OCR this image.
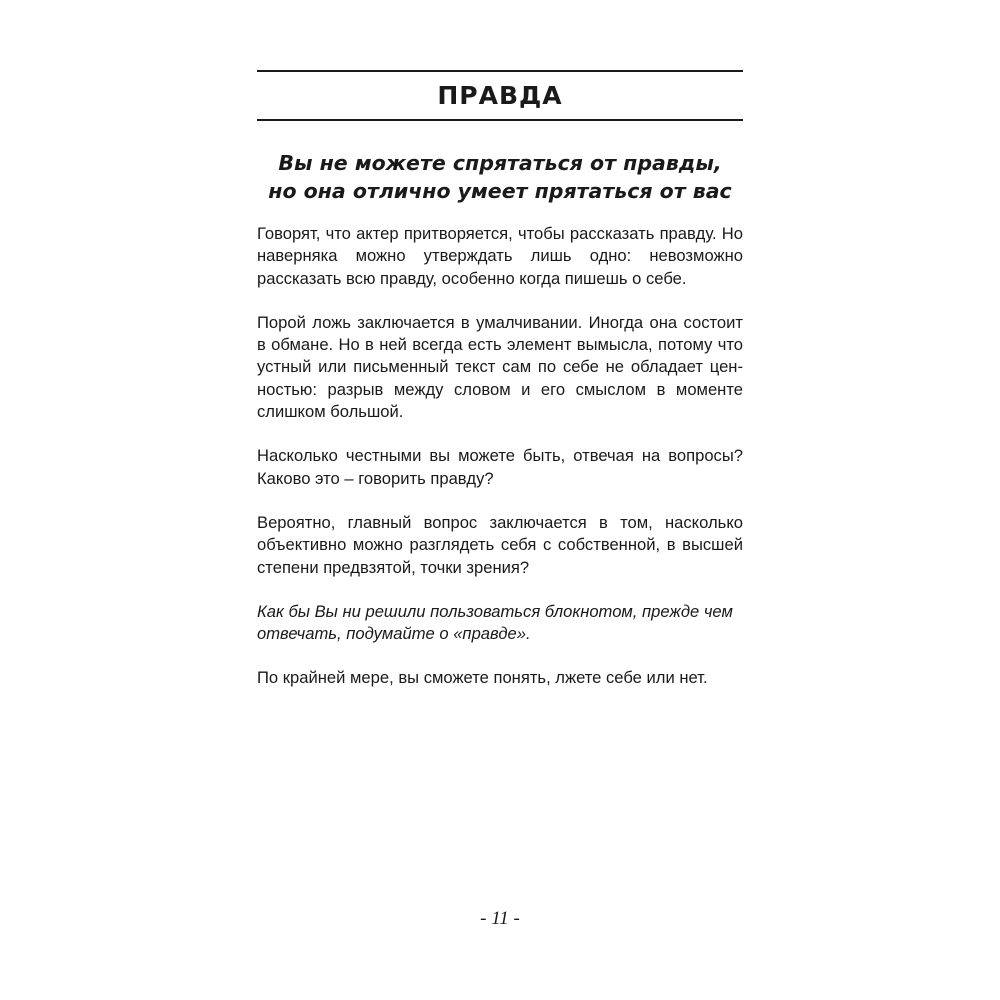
ПРАВДА
Вы не можете спрятаться от правды,
но она отлично умеет прятаться от вас

Говорят, что актер притворяется, чтобы рассказать правду. Но наверняка можно утверждать лишь одно: невозможно рассказать всю правду, особенно когда пишешь о себе.

Порой ложь заключается в умалчивании. Иногда она состоит в обмане. Но в ней всегда есть элемент вымысла, потому что устный или письменный текст сам по себе не обладает ценностью: разрыв между словом и его смыслом в моменте слишком большой.

Насколько честными вы можете быть, отвечая на вопросы? Каково это – говорить правду?

Вероятно, главный вопрос заключается в том, насколько объективно можно разглядеть себя с собственной, в высшей степени предвзятой, точки зрения?

Как бы Вы ни решили пользоваться блокнотом, прежде чем отвечать, подумайте о «правде».

По крайней мере, вы сможете понять, лжете себе или нет.

- 11 -
